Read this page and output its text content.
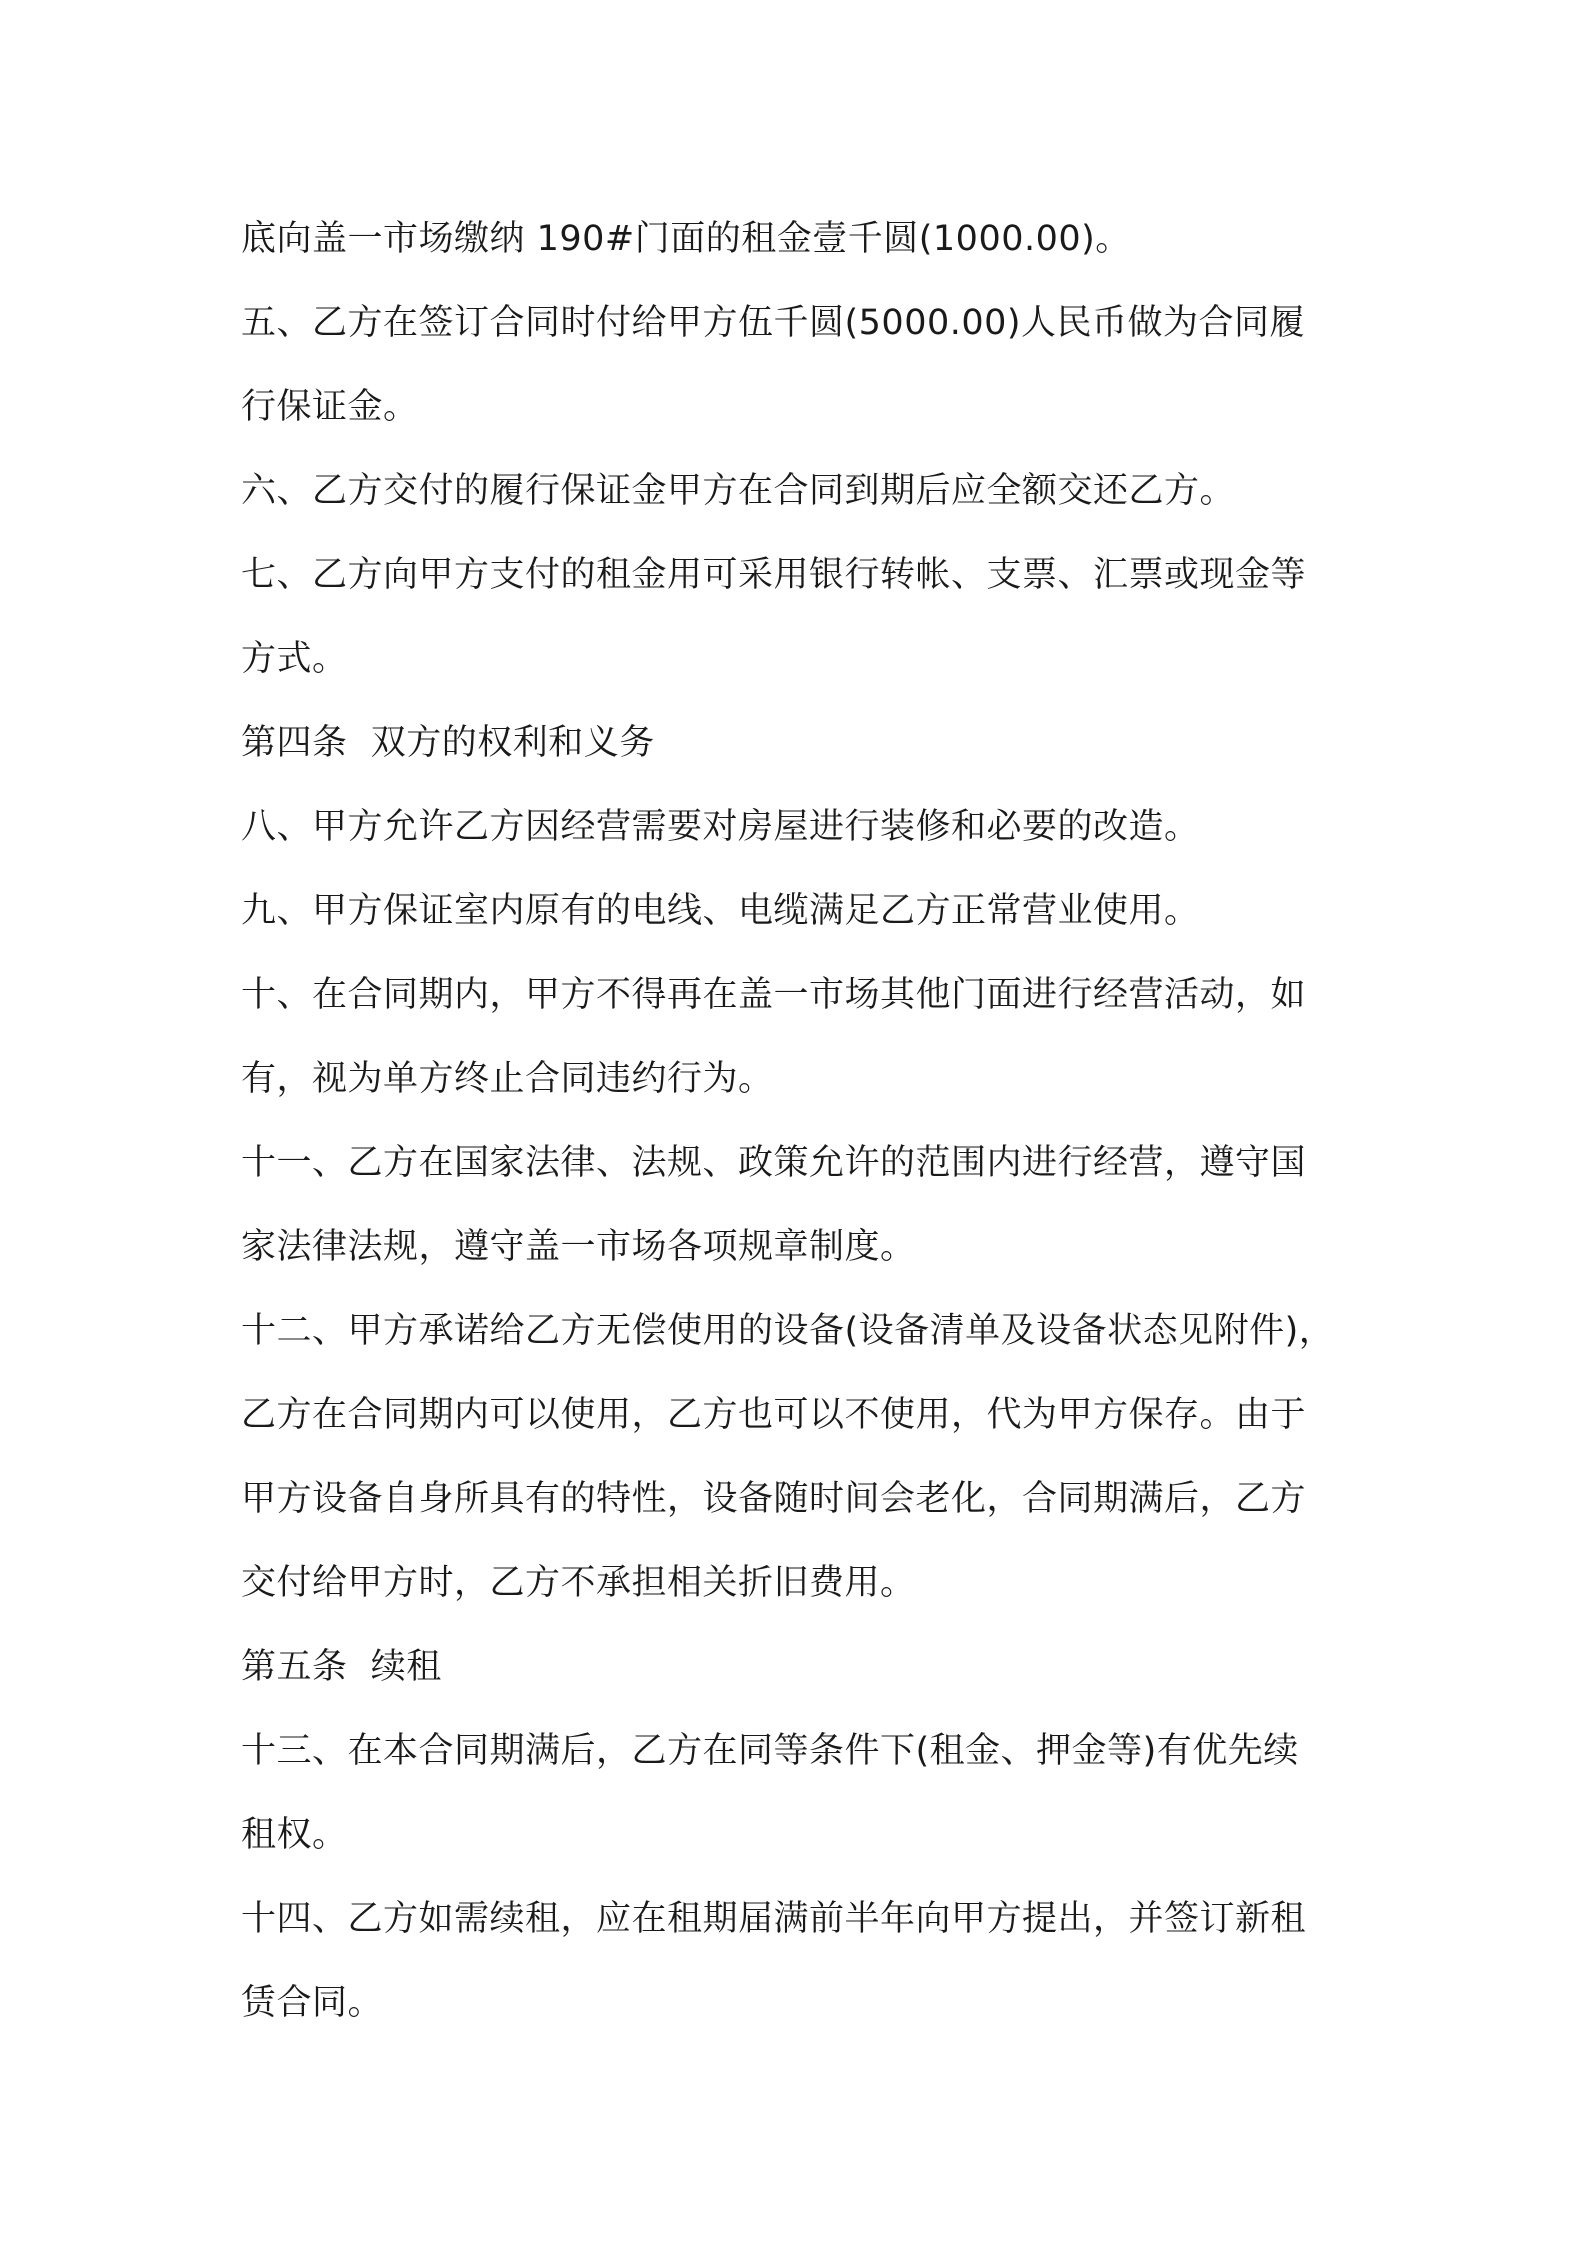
底向盖一市场缴纳 190#门面的租金壹千圆(1000.00)。
五、乙方在签订合同时付给甲方伍千圆(5000.00)人民币做为合同履
行保证金。
六、乙方交付的履行保证金甲方在合同到期后应全额交还乙方。
七、乙方向甲方支付的租金用可采用银行转帐、支票、汇票或现金等
方式。
第四条  双方的权利和义务
八、甲方允许乙方因经营需要对房屋进行装修和必要的改造。
九、甲方保证室内原有的电线、电缆满足乙方正常营业使用。
十、在合同期内，甲方不得再在盖一市场其他门面进行经营活动，如
有，视为单方终止合同违约行为。
十一、乙方在国家法律、法规、政策允许的范围内进行经营，遵守国
家法律法规，遵守盖一市场各项规章制度。
十二、甲方承诺给乙方无偿使用的设备(设备清单及设备状态见附件)，
乙方在合同期内可以使用，乙方也可以不使用，代为甲方保存。由于
甲方设备自身所具有的特性，设备随时间会老化，合同期满后，乙方
交付给甲方时，乙方不承担相关折旧费用。
第五条  续租
十三、在本合同期满后，乙方在同等条件下(租金、押金等)有优先续
租权。
十四、乙方如需续租，应在租期届满前半年向甲方提出，并签订新租
赁合同。
